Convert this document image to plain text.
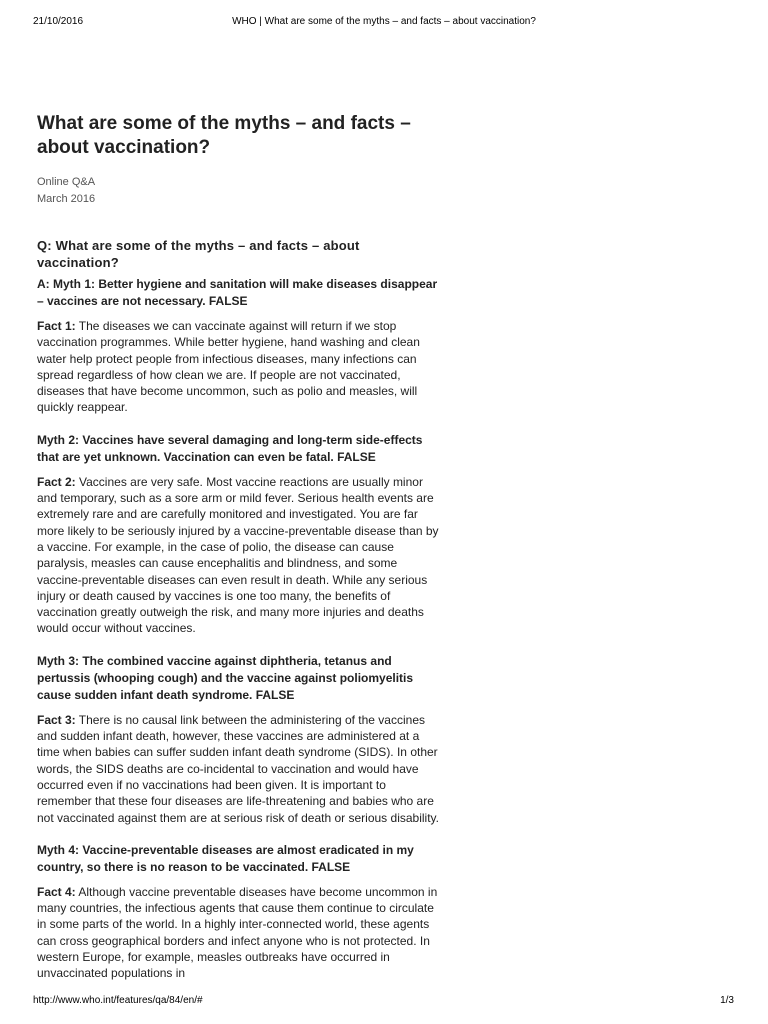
21/10/2016	WHO | What are some of the myths – and facts – about vaccination?
What are some of the myths – and facts – about vaccination?
Online Q&A
March 2016
Q: What are some of the myths – and facts – about vaccination?

A: Myth 1: Better hygiene and sanitation will make diseases disappear – vaccines are not necessary. FALSE

Fact 1: The diseases we can vaccinate against will return if we stop vaccination programmes. While better hygiene, hand washing and clean water help protect people from infectious diseases, many infections can spread regardless of how clean we are. If people are not vaccinated, diseases that have become uncommon, such as polio and measles, will quickly reappear.

Myth 2: Vaccines have several damaging and long-term side-effects that are yet unknown. Vaccination can even be fatal. FALSE

Fact 2: Vaccines are very safe. Most vaccine reactions are usually minor and temporary, such as a sore arm or mild fever. Serious health events are extremely rare and are carefully monitored and investigated. You are far more likely to be seriously injured by a vaccine-preventable disease than by a vaccine. For example, in the case of polio, the disease can cause paralysis, measles can cause encephalitis and blindness, and some vaccine-preventable diseases can even result in death. While any serious injury or death caused by vaccines is one too many, the benefits of vaccination greatly outweigh the risk, and many more injuries and deaths would occur without vaccines.

Myth 3: The combined vaccine against diphtheria, tetanus and pertussis (whooping cough) and the vaccine against poliomyelitis cause sudden infant death syndrome. FALSE

Fact 3: There is no causal link between the administering of the vaccines and sudden infant death, however, these vaccines are administered at a time when babies can suffer sudden infant death syndrome (SIDS). In other words, the SIDS deaths are co-incidental to vaccination and would have occurred even if no vaccinations had been given. It is important to remember that these four diseases are life-threatening and babies who are not vaccinated against them are at serious risk of death or serious disability.

Myth 4: Vaccine-preventable diseases are almost eradicated in my country, so there is no reason to be vaccinated. FALSE

Fact 4: Although vaccine preventable diseases have become uncommon in many countries, the infectious agents that cause them continue to circulate in some parts of the world. In a highly inter-connected world, these agents can cross geographical borders and infect anyone who is not protected. In western Europe, for example, measles outbreaks have occurred in unvaccinated populations in

http://www.who.int/features/qa/84/en/#	1/3
